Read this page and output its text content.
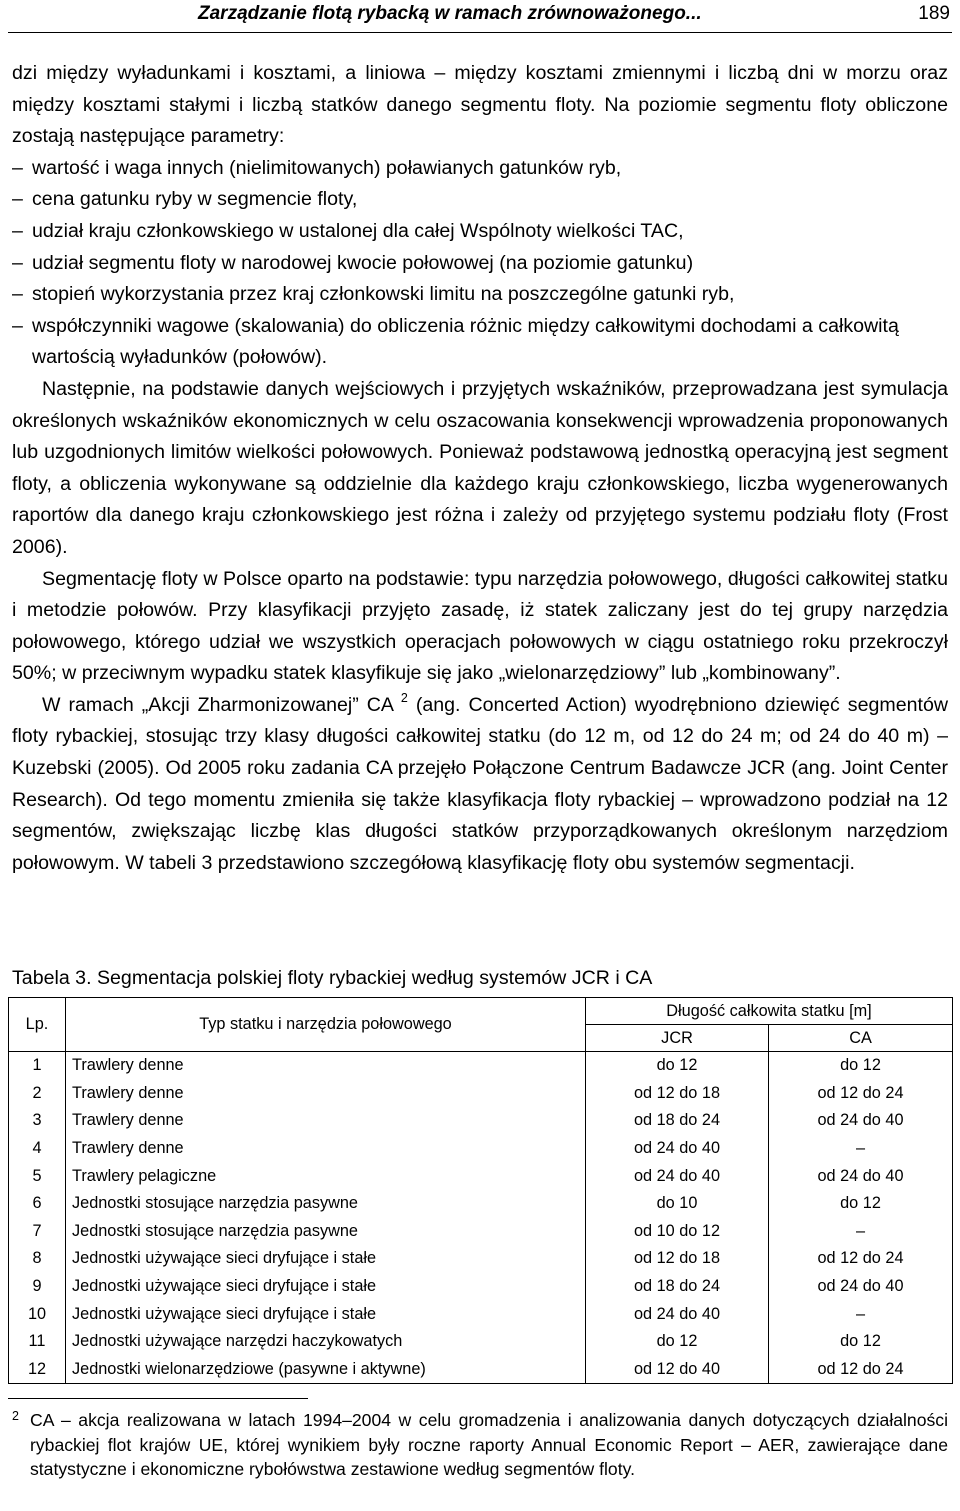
Zarządzanie flotą rybacką w ramach zrównoważonego...	189

dzi między wyładunkami i kosztami, a liniowa – między kosztami zmiennymi i liczbą dni w morzu oraz między kosztami stałymi i liczbą statków danego segmentu floty. Na poziomie segmentu floty obliczone zostają następujące parametry:

– wartość i waga innych (nielimitowanych) poławianych gatunków ryb,
– cena gatunku ryby w segmencie floty,
– udział kraju członkowskiego w ustalonej dla całej Wspólnoty wielkości TAC,
– udział segmentu floty w narodowej kwocie połowowej (na poziomie gatunku)
– stopień wykorzystania przez kraj członkowski limitu na poszczególne gatunki ryb,
– współczynniki wagowe (skalowania) do obliczenia różnic między całkowitymi dochodami a całkowitą wartością wyładunków (połowów).

Następnie, na podstawie danych wejściowych i przyjętych wskaźników, przeprowadzana jest symulacja określonych wskaźników ekonomicznych w celu oszacowania konsekwencji wprowadzenia proponowanych lub uzgodnionych limitów wielkości połowowych. Ponieważ podstawową jednostką operacyjną jest segment floty, a obliczenia wykonywane są oddzielnie dla każdego kraju członkowskiego, liczba wygenerowanych raportów dla danego kraju członkowskiego jest różna i zależy od przyjętego systemu podziału floty (Frost 2006).

Segmentację floty w Polsce oparto na podstawie: typu narzędzia połowowego, długości całkowitej statku i metodzie połowów. Przy klasyfikacji przyjęto zasadę, iż statek zaliczany jest do tej grupy narzędzia połowowego, którego udział we wszystkich operacjach połowowych w ciągu ostatniego roku przekroczył 50%; w przeciwnym wypadku statek klasyfikuje się jako „wielonarzędziowy” lub „kombinowany”.

W ramach „Akcji Zharmonizowanej” CA $^2$ (ang. Concerted Action) wyodrębniono dziewięć segmentów floty rybackiej, stosując trzy klasy długości całkowitej statku (do 12 m, od 12 do 24 m; od 24 do 40 m) – Kuzebski (2005). Od 2005 roku zadania CA przejęło Połączone Centrum Badawcze JCR (ang. Joint Center Research). Od tego momentu zmieniła się także klasyfikacja floty rybackiej – wprowadzono podział na 12 segmentów, zwiększając liczbę klas długości statków przyporządkowanych określonym narzędziom połowowym. W tabeli 3 przedstawiono szczegółową klasyfikację floty obu systemów segmentacji.

Tabela 3. Segmentacja polskiej floty rybackiej według systemów JCR i CA
Lp.	Typ statku i narzędzia połowowego	Długość całkowita statku [m]	
		JCR	CA
1	Trawlery denne	do 12	do 12
2	Trawlery denne	od 12 do 18	od 12 do 24
3	Trawlery denne	od 18 do 24	od 24 do 40
4	Trawlery denne	od 24 do 40	–
5	Trawlery pelagiczne	od 24 do 40	od 24 do 40
6	Jednostki stosujące narzędzia pasywne	do 10	do 12
7	Jednostki stosujące narzędzia pasywne	od 10 do 12	–
8	Jednostki używające sieci dryfujące i stałe	od 12 do 18	od 12 do 24
9	Jednostki używające sieci dryfujące i stałe	od 18 do 24	od 24 do 40
10	Jednostki używające sieci dryfujące i stałe	od 24 do 40	–
11	Jednostki używające narzędzi haczykowatych	do 12	do 12
12	Jednostki wielonarzędziowe (pasywne i aktywne)	od 12 do 40	od 12 do 24
2 CA – akcja realizowana w latach 1994–2004 w celu gromadzenia i analizowania danych dotyczących działalności rybackiej flot krajów UE, której wynikiem były roczne raporty Annual Economic Report – AER, zawierające dane statystyczne i ekonomiczne rybołówstwa zestawione według segmentów floty.
